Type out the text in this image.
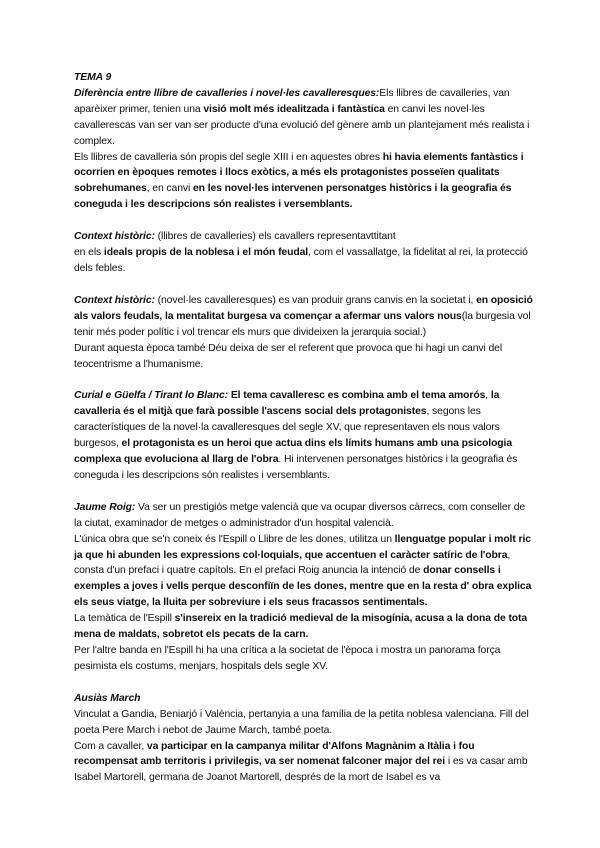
TEMA 9

Diferència entre llibre de cavalleries i novel·les cavalleresques:Els llibres de cavalleries, van aparèixer primer, tenien una visió molt més idealitzada i fantàstica en canvi les novel·les cavallerescas van ser van ser producte d'una evolució del gènere amb un plantejament més realista i complex.

Els llibres de cavalleria són propis del segle XIII i en aquestes obres hi havia elements fantàstics i ocorrien en èpoques remotes i llocs exòtics, a més els protagonistes posseïen qualitats sobrehumanes, en canvi en les novel·les intervenen personatges històrics i la geografia és coneguda i les descripcions són realistes i versemblants.

Context històric: (llibres de cavalleries) els cavallers representavttitant
en els ideals propis de la noblesa i el món feudal, com el vassallatge, la fidelitat al rei, la protecció dels febles.

Context històric: (novel·les cavalleresques) es van produir grans canvis en la societat i, en oposició als valors feudals, la mentalitat burgesa va començar a afermar uns valors nous(la burgesia vol tenir més poder polític i vol trencar els murs que divideixen la jerarquia social.)

Durant aquesta època també Déu deixa de ser el referent que provoca que hi hagi un canvi del teocentrisme a l'humanisme.

Curial e Güelfa / Tirant lo Blanc: El tema cavalleresc es combina amb el tema amorós, la cavalleria és el mitjà que farà possible l'ascens social dels protagonistes, segons les característiques de la novel·la cavalleresques del segle XV, que representaven els nous valors burgesos, el protagonista es un heroi que actua dins els límits humans amb una psicologia complexa que evoluciona al llarg de l'obra. Hi intervenen personatges històrics i la geografia és coneguda i les descripcions són realistes i versemblants.

Jaume Roig: Va ser un prestigiós metge valencià que va ocupar diversos càrrecs, com conseller de la ciutat, examinador de metges o administrador d'un hospital valencià.

L'única obra que se'n coneix és l'Espill o Llibre de les dones, utilitza un llenguatge popular i molt ric ja que hi abunden les expressions col·loquials, que accentuen el caràcter satíric de l'obra, consta d'un prefaci i quatre capítols. En el prefaci Roig anuncia la intenció de donar consells i exemples a joves i vells perque desconfiïn de les dones, mentre que en la resta d' obra explica els seus viatge, la lluita per sobreviure i els seus fracassos sentimentals.

La temàtica de l'Espill s'insereix en la tradició medieval de la misogínia, acusa a la dona de tota mena de maldats, sobretot els pecats de la carn.

Per l'altre banda en l'Espill hi ha una crítica a la societat de l'època i mostra un panorama força pesimista els costums, menjars, hospitals dels segle XV.

Ausiàs March

Vinculat a Gandia, Beniarjó i València, pertanyia a una família de la petita noblesa valenciana. Fill del poeta Pere March i nebot de Jaume March, també poeta.

Com a cavaller, va participar en la campanya militar d'Alfons Magnànim a Itàlia i fou recompensat amb territoris i privilegis, va ser nomenat falconer major del rei i es va casar amb Isabel Martorell, germana de Joanot Martorell, després de la mort de Isabel es va
